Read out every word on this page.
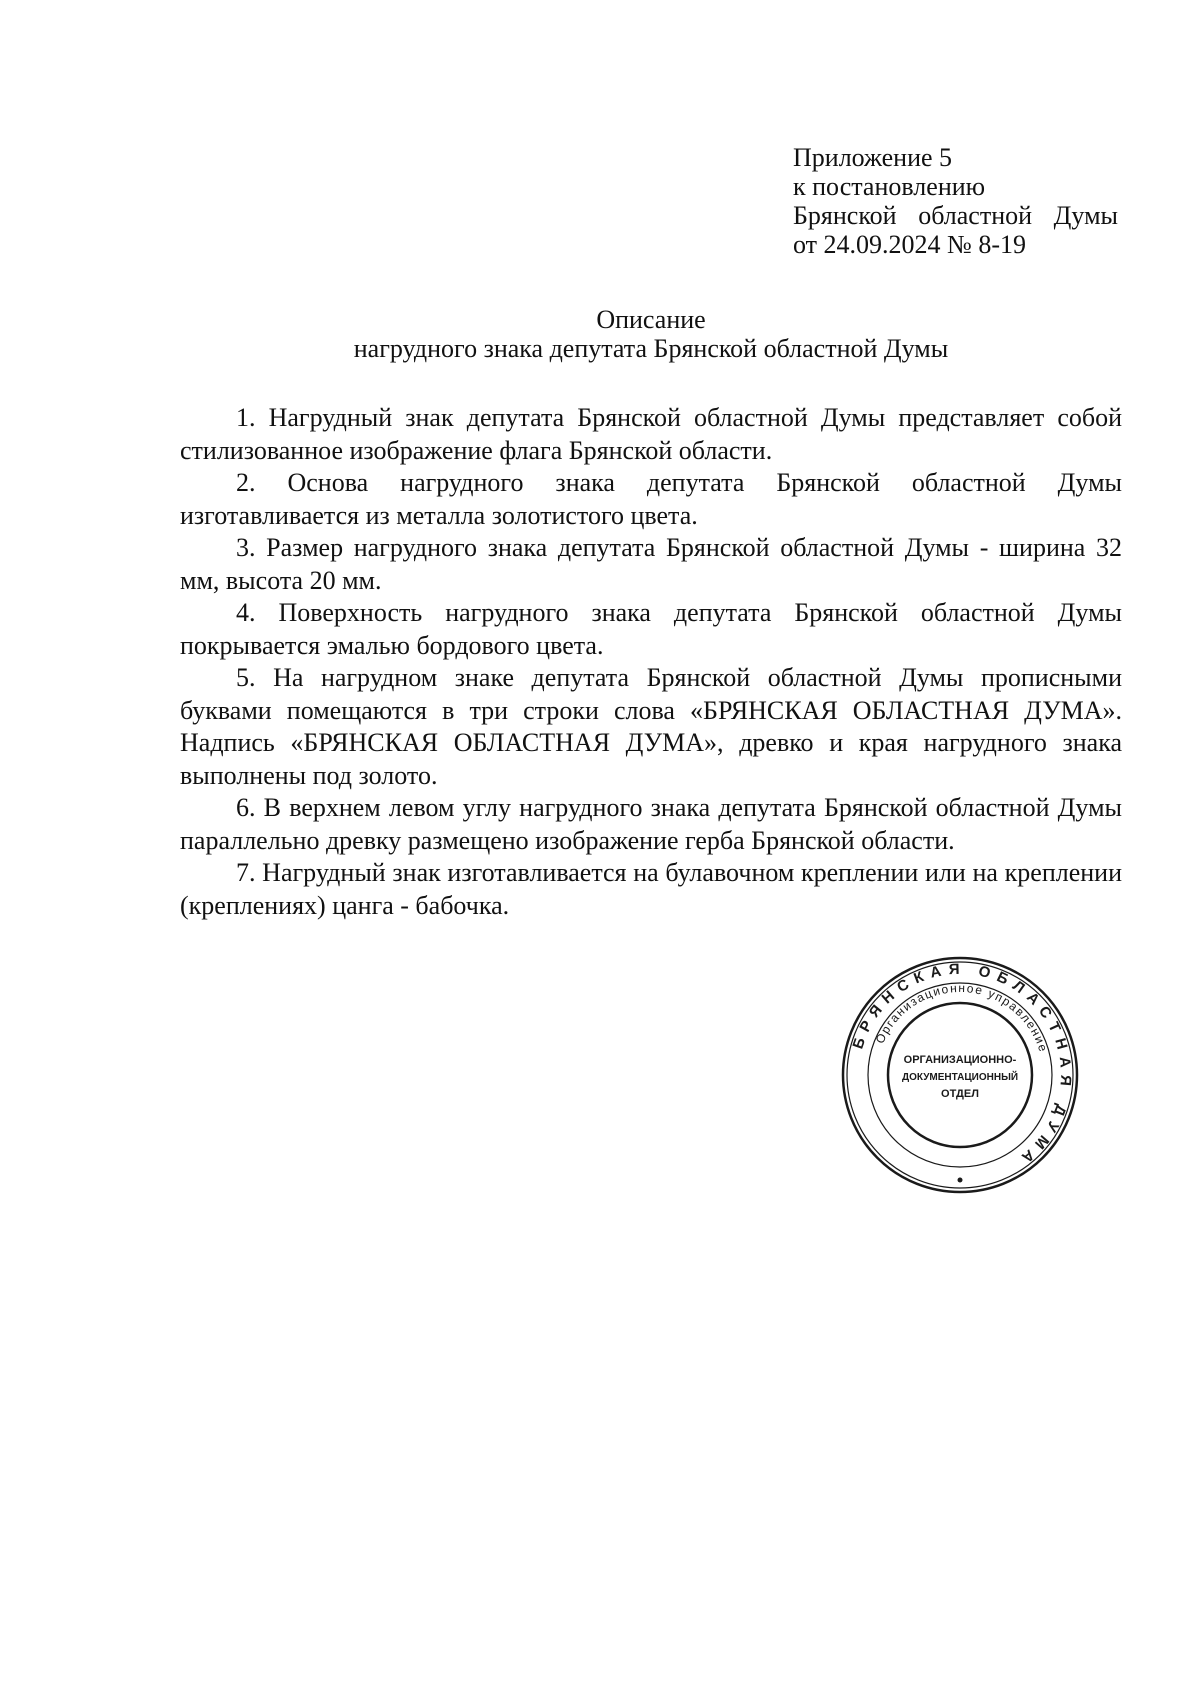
Приложение 5
к постановлению
Брянской областной Думы
от 24.09.2024 № 8-19
Описание
нагрудного знака депутата Брянской областной Думы

1. Нагрудный знак депутата Брянской областной Думы представляет собой стилизованное изображение флага Брянской области.

2. Основа нагрудного знака депутата Брянской областной Думы изготавливается из металла золотистого цвета.

3. Размер нагрудного знака депутата Брянской областной Думы - ширина 32 мм, высота 20 мм.

4. Поверхность нагрудного знака депутата Брянской областной Думы покрывается эмалью бордового цвета.

5. На нагрудном знаке депутата Брянской областной Думы прописными буквами помещаются в три строки слова «БРЯНСКАЯ ОБЛАСТНАЯ ДУМА». Надпись «БРЯНСКАЯ ОБЛАСТНАЯ ДУМА», древко и края нагрудного знака выполнены под золото.

6. В верхнем левом углу нагрудного знака депутата Брянской областной Думы параллельно древку размещено изображение герба Брянской области.

7. Нагрудный знак изготавливается на булавочном креплении или на креплении (креплениях) цанга - бабочка.

БРЯНСКАЯ ОБЛАСТНАЯ ДУМА
Организационное управление
ОРГАНИЗАЦИОННО-
ДОКУМЕНТАЦИОННЫЙ
ОТДЕЛ
